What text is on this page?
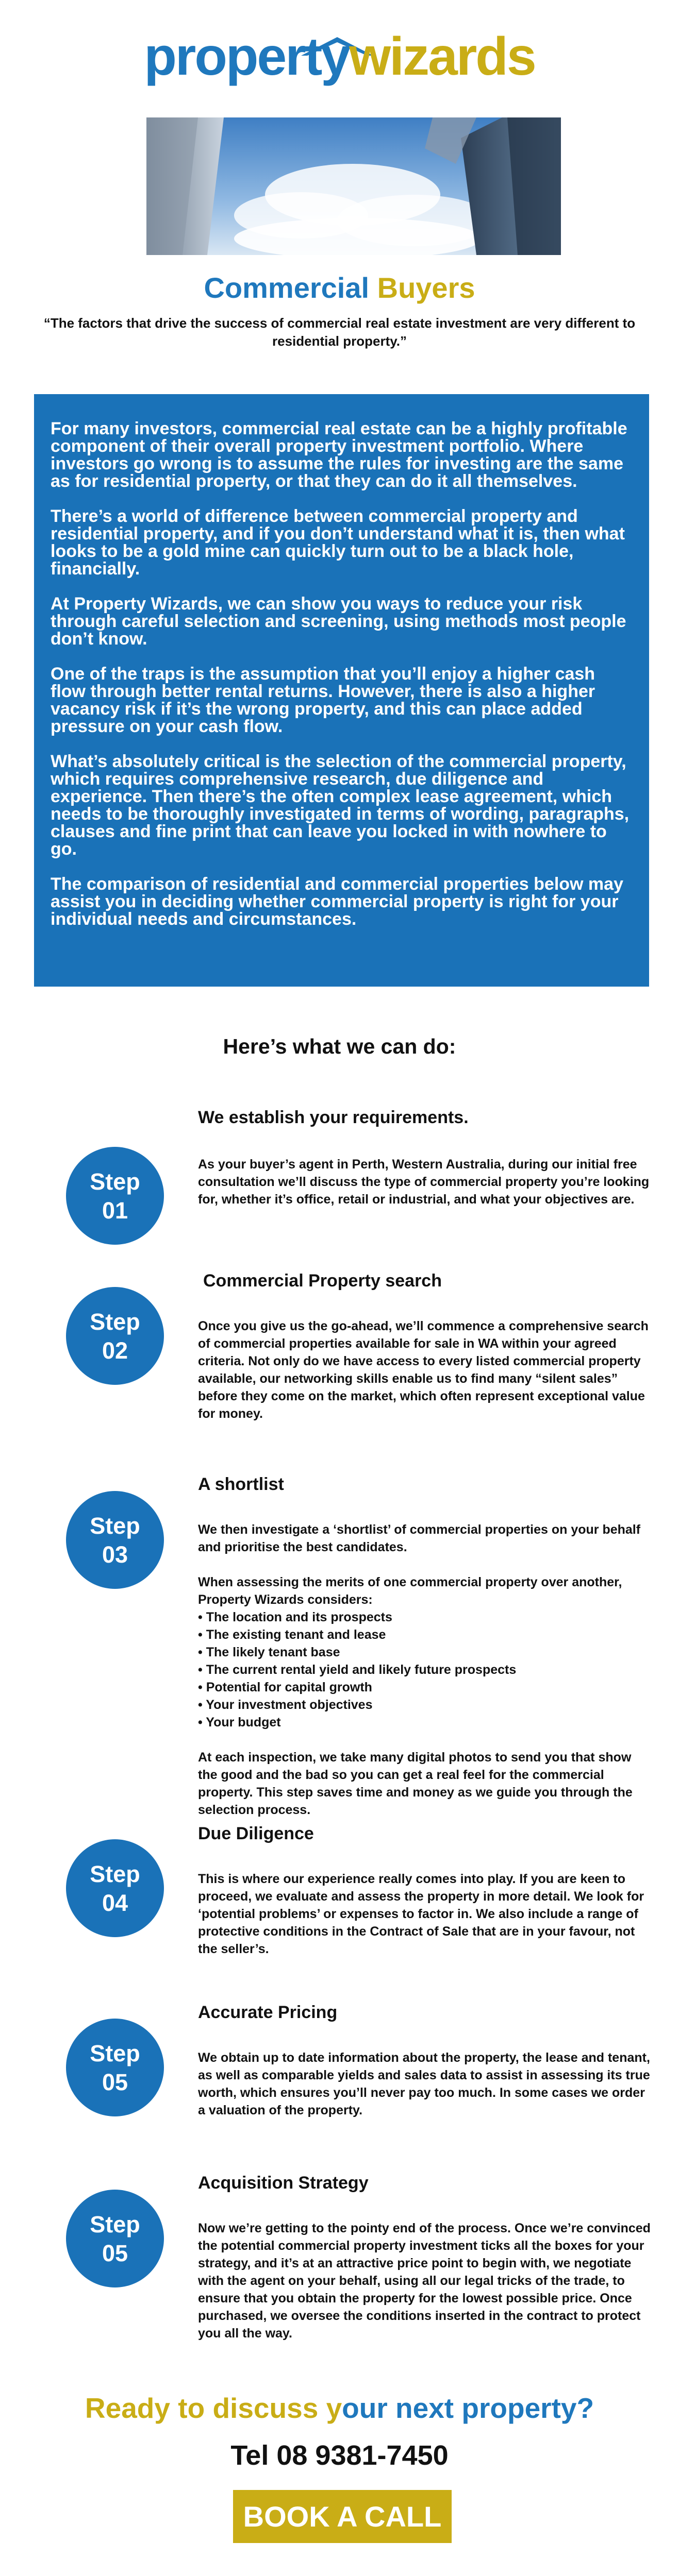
propertywizards
Commercial Buyers
“The factors that drive the success of commercial real estate investment are very different to residential property.”

For many investors, commercial real estate can be a highly profitable component of their overall property investment portfolio. Where investors go wrong is to assume the rules for investing are the same as for residential property, or that they can do it all themselves.

There’s a world of difference between commercial property and residential property, and if you don’t understand what it is, then what looks to be a gold mine can quickly turn out to be a black hole, financially.

At Property Wizards, we can show you ways to reduce your risk through careful selection and screening, using methods most people don’t know.

One of the traps is the assumption that you’ll enjoy a higher cash flow through better rental returns. However, there is also a higher vacancy risk if it’s the wrong property, and this can place added pressure on your cash flow.

What’s absolutely critical is the selection of the commercial property, which requires comprehensive research, due diligence and experience. Then there’s the often complex lease agreement, which needs to be thoroughly investigated in terms of wording, paragraphs, clauses and fine print that can leave you locked in with nowhere to go.

The comparison of residential and commercial properties below may assist you in deciding whether commercial property is right for your individual needs and circumstances.

Here’s what we can do:
Step
01
We establish your requirements.

As your buyer’s agent in Perth, Western Australia, during our initial free consultation we’ll discuss the type of commercial property you’re looking for, whether it’s office, retail or industrial, and what your objectives are.

Step
02
Commercial Property search

Once you give us the go-ahead, we’ll commence a comprehensive search of commercial properties available for sale in WA within your agreed criteria. Not only do we have access to every listed commercial property available, our networking skills enable us to find many “silent sales” before they come on the market, which often represent exceptional value for money.

Step
03
A shortlist

We then investigate a ‘shortlist’ of commercial properties on your behalf and prioritise the best candidates.

When assessing the merits of one commercial property over another, Property Wizards considers:

• The location and its prospects
• The existing tenant and lease
• The likely tenant base
• The current rental yield and likely future prospects
• Potential for capital growth
• Your investment objectives
• Your budget

At each inspection, we take many digital photos to send you that show the good and the bad so you can get a real feel for the commercial property. This step saves time and money as we guide you through the selection process.

Step
04
Due Diligence

This is where our experience really comes into play. If you are keen to proceed, we evaluate and assess the property in more detail. We look for ‘potential problems’ or expenses to factor in. We also include a range of protective conditions in the Contract of Sale that are in your favour, not the seller’s.

Step
05
Accurate Pricing

We obtain up to date information about the property, the lease and tenant, as well as comparable yields and sales data to assist in assessing its true worth, which ensures you’ll never pay too much. In some cases we order a valuation of the property.

Step
05
Acquisition Strategy

Now we’re getting to the pointy end of the process. Once we’re convinced the potential commercial property investment ticks all the boxes for your strategy, and it’s at an attractive price point to begin with, we negotiate with the agent on your behalf, using all our legal tricks of the trade, to ensure that you obtain the property for the lowest possible price. Once purchased, we oversee the conditions inserted in the contract to protect you all the way.

Ready to discuss your next property?
Tel 08 9381-7450
BOOK A CALL
